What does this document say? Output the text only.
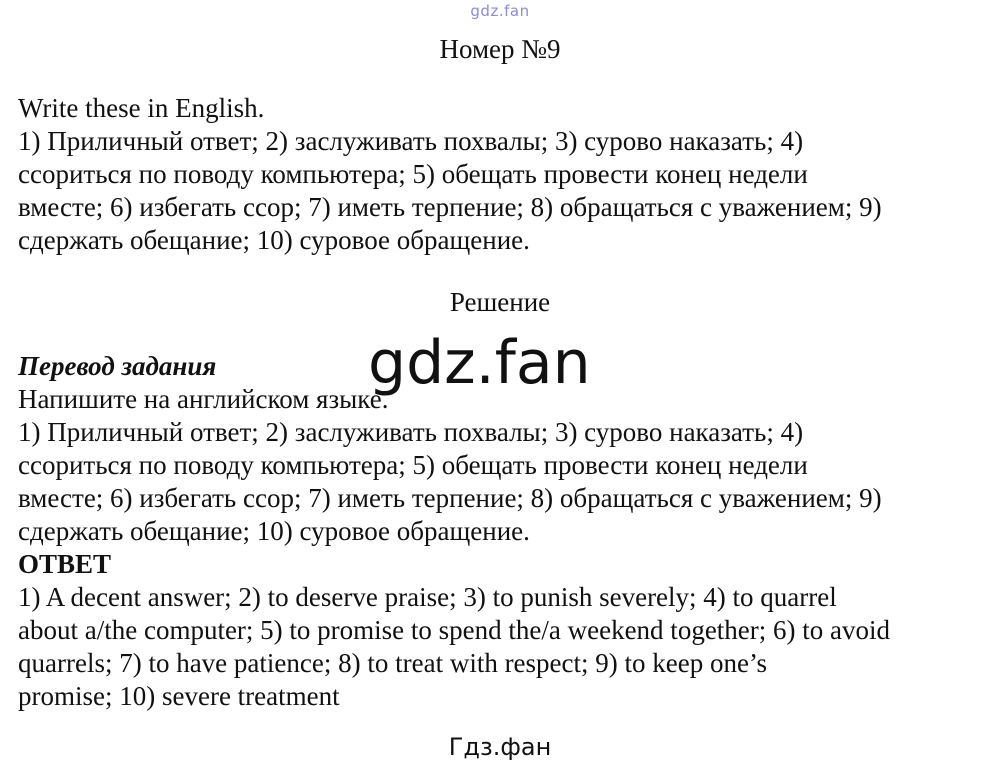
gdz.fan
Номер №9
Write these in English.
1) Приличный ответ; 2) заслуживать похвалы; 3) сурово наказать; 4)
ссориться по поводу компьютера; 5) обещать провести конец недели
вместе; 6) избегать ссор; 7) иметь терпение; 8) обращаться с уважением; 9)
сдержать обещание; 10) суровое обращение.
Решение
Перевод задания
Напишите на английском языке.
1) Приличный ответ; 2) заслуживать похвалы; 3) сурово наказать; 4)
ссориться по поводу компьютера; 5) обещать провести конец недели
вместе; 6) избегать ссор; 7) иметь терпение; 8) обращаться с уважением; 9)
сдержать обещание; 10) суровое обращение.
ОТВЕТ
1) A decent answer; 2) to deserve praise; 3) to punish severely; 4) to quarrel
about a/the computer; 5) to promise to spend the/a weekend together; 6) to avoid
quarrels; 7) to have patience; 8) to treat with respect; 9) to keep one’s
promise; 10) severe treatment
gdz.fan
Гдз.фан
